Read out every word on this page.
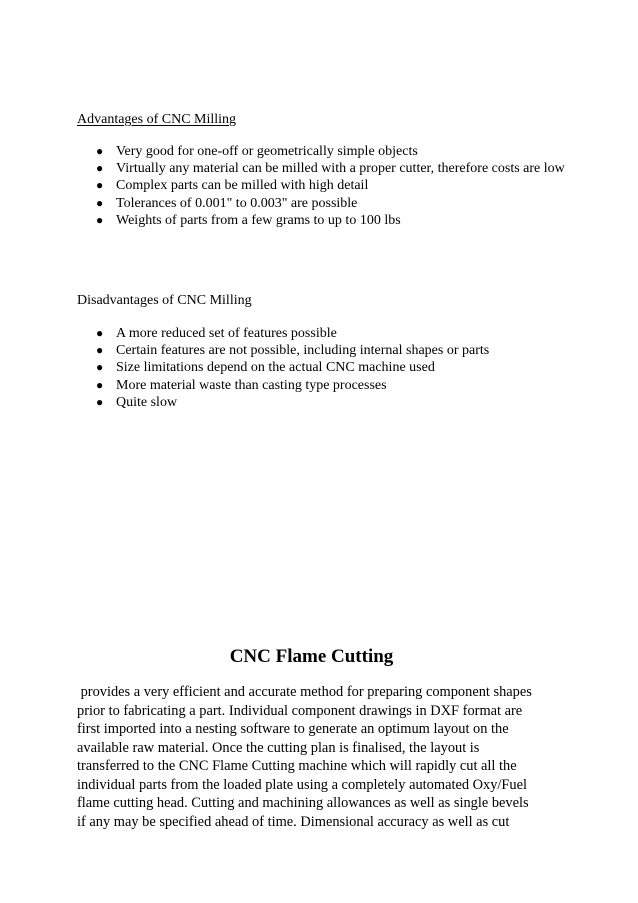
Advantages of CNC Milling
● Very good for one-off or geometrically simple objects
● Virtually any material can be milled with a proper cutter, therefore costs are low
● Complex parts can be milled with high detail
● Tolerances of 0.001" to 0.003" are possible
● Weights of parts from a few grams to up to 100 lbs
Disadvantages of CNC Milling
● A more reduced set of features possible
● Certain features are not possible, including internal shapes or parts
● Size limitations depend on the actual CNC machine used
● More material waste than casting type processes
● Quite slow
CNC Flame Cutting

provides a very efficient and accurate method for preparing component shapes
prior to fabricating a part. Individual component drawings in DXF format are
first imported into a nesting software to generate an optimum layout on the
available raw material. Once the cutting plan is finalised, the layout is
transferred to the CNC Flame Cutting machine which will rapidly cut all the
individual parts from the loaded plate using a completely automated Oxy/Fuel
flame cutting head. Cutting and machining allowances as well as single bevels
if any may be specified ahead of time. Dimensional accuracy as well as cut
